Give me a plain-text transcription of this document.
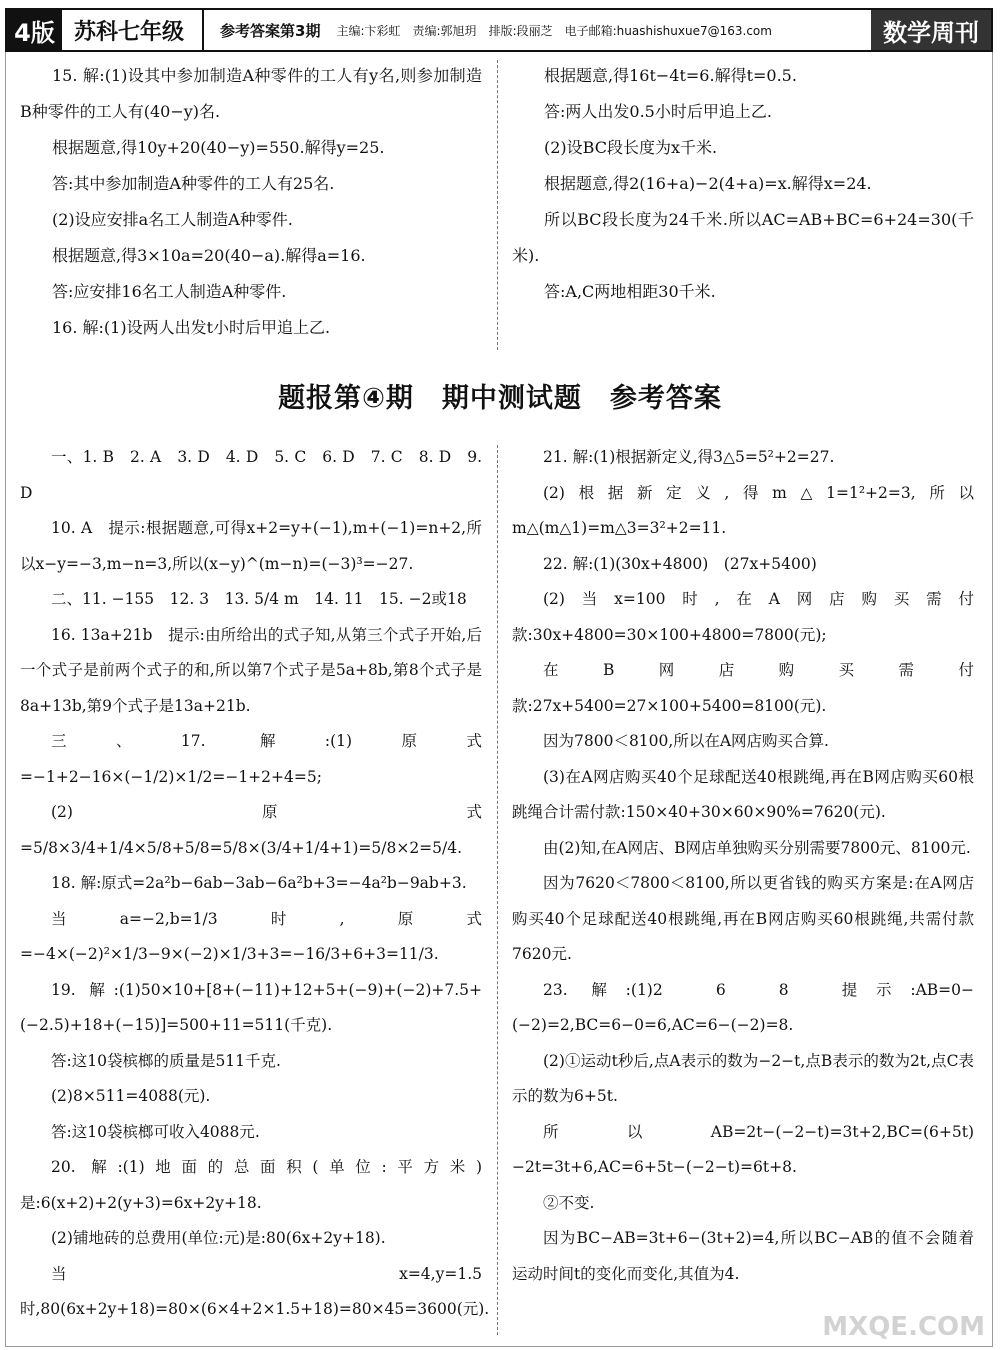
4版 苏科七年级	参考答案第3期	主编:卞彩虹 责编:郭旭玥 排版:段丽芝 电子邮箱:huashishuxue7@163.com	数学周刊

15. 解:(1)设其中参加制造A种零件的工人有y名,则参加制造B种零件的工人有(40−y)名.

根据题意,得10y+20(40−y)=550.解得y=25.

答:其中参加制造A种零件的工人有25名.

(2)设应安排a名工人制造A种零件.

根据题意,得3×10a=20(40−a).解得a=16.

答:应安排16名工人制造A种零件.

16. 解:(1)设两人出发t小时后甲追上乙.

根据题意,得16t−4t=6.解得t=0.5.

答:两人出发0.5小时后甲追上乙.

(2)设BC段长度为x千米.

根据题意,得2(16+a)−2(4+a)=x.解得x=24.

所以BC段长度为24千米.所以AC=AB+BC=6+24=30(千米).

答:A,C两地相距30千米.

题报第④期　期中测试题　参考答案

一、1. B　2. A　3. D　4. D　5. C　6. D　7. C　8. D　9. D

10. A　提示:根据题意,可得x+2=y+(−1),m+(−1)=n+2,所以x−y=−3,m−n=3,所以(x−y)^(m−n)=(−3)³=−27.

二、11. −155　12. 3　13. 5/4 m　14. 11　15. −2或18

16. 13a+21b　提示:由所给出的式子知,从第三个式子开始,后一个式子是前两个式子的和,所以第7个式子是5a+8b,第8个式子是8a+13b,第9个式子是13a+21b.

三、17. 解:(1)原式=−1+2−16×(−1/2)×1/2=−1+2+4=5;

(2)原式=5/8×3/4+1/4×5/8+5/8=5/8×(3/4+1/4+1)=5/8×2=5/4.

18. 解:原式=2a²b−6ab−3ab−6a²b+3=−4a²b−9ab+3.

当a=−2,b=1/3时,原式=−4×(−2)²×1/3−9×(−2)×1/3+3=−16/3+6+3=11/3.

19. 解:(1)50×10+[8+(−11)+12+5+(−9)+(−2)+7.5+(−2.5)+18+(−15)]=500+11=511(千克).

答:这10袋槟榔的质量是511千克.

(2)8×511=4088(元).

答:这10袋槟榔可收入4088元.

20. 解:(1)地面的总面积(单位:平方米)是:6(x+2)+2(y+3)=6x+2y+18.

(2)铺地砖的总费用(单位:元)是:80(6x+2y+18).

当x=4,y=1.5时,80(6x+2y+18)=80×(6×4+2×1.5+18)=80×45=3600(元).

21. 解:(1)根据新定义,得3△5=5²+2=27.

(2)根据新定义,得m△1=1²+2=3,所以m△(m△1)=m△3=3²+2=11.

22. 解:(1)(30x+4800)　(27x+5400)

(2)当x=100时,在A网店购买需付款:30x+4800=30×100+4800=7800(元);

在B网店购买需付款:27x+5400=27×100+5400=8100(元).

因为7800＜8100,所以在A网店购买合算.

(3)在A网店购买40个足球配送40根跳绳,再在B网店购买60根跳绳合计需付款:150×40+30×60×90%=7620(元).

由(2)知,在A网店、B网店单独购买分别需要7800元、8100元.

因为7620＜7800＜8100,所以更省钱的购买方案是:在A网店购买40个足球配送40根跳绳,再在B网店购买60根跳绳,共需付款7620元.

23. 解:(1)2　6　8　提示:AB=0−(−2)=2,BC=6−0=6,AC=6−(−2)=8.

(2)①运动t秒后,点A表示的数为−2−t,点B表示的数为2t,点C表示的数为6+5t.

所以AB=2t−(−2−t)=3t+2,BC=(6+5t)−2t=3t+6,AC=6+5t−(−2−t)=6t+8.

②不变.

因为BC−AB=3t+6−(3t+2)=4,所以BC−AB的值不会随着运动时间t的变化而变化,其值为4.

MXQE.COM
